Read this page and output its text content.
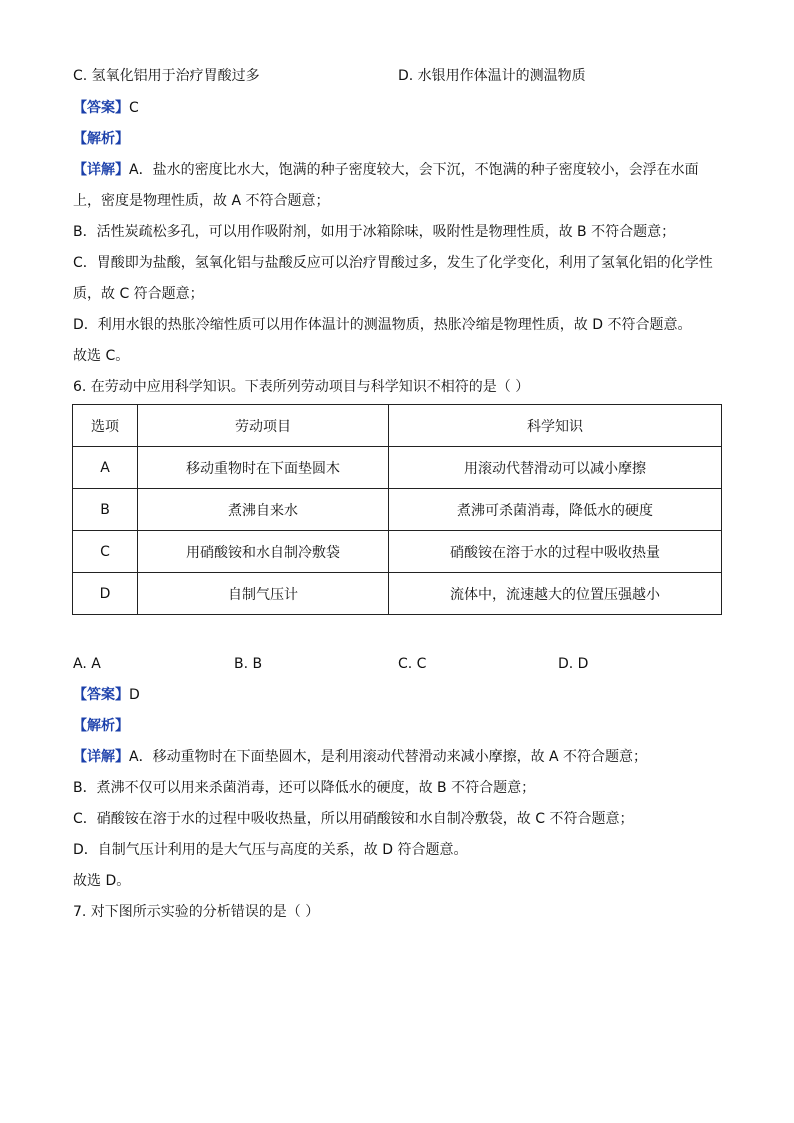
C. 氢氧化铝用于治疗胃酸过多	D. 水银用作体温计的测温物质
【答案】C
【解析】
【详解】A．盐水的密度比水大，饱满的种子密度较大，会下沉，不饱满的种子密度较小，会浮在水面
上，密度是物理性质，故 A 不符合题意；
B．活性炭疏松多孔，可以用作吸附剂，如用于冰箱除味，吸附性是物理性质，故 B 不符合题意；
C．胃酸即为盐酸，氢氧化铝与盐酸反应可以治疗胃酸过多，发生了化学变化，利用了氢氧化铝的化学性
质，故 C 符合题意；
D．利用水银的热胀冷缩性质可以用作体温计的测温物质，热胀冷缩是物理性质，故 D 不符合题意。
故选 C。
6. 在劳动中应用科学知识。下表所列劳动项目与科学知识不相符的是（ ）
选项	劳动项目	科学知识
A	移动重物时在下面垫圆木	用滚动代替滑动可以减小摩擦
B	煮沸自来水	煮沸可杀菌消毒，降低水的硬度
C	用硝酸铵和水自制冷敷袋	硝酸铵在溶于水的过程中吸收热量
D	自制气压计	流体中，流速越大的位置压强越小
A. A	B. B	C. C	D. D
【答案】D
【解析】
【详解】A．移动重物时在下面垫圆木，是利用滚动代替滑动来减小摩擦，故 A 不符合题意；
B．煮沸不仅可以用来杀菌消毒，还可以降低水的硬度，故 B 不符合题意；
C．硝酸铵在溶于水的过程中吸收热量，所以用硝酸铵和水自制冷敷袋，故 C 不符合题意；
D．自制气压计利用的是大气压与高度的关系，故 D 符合题意。
故选 D。
7. 对下图所示实验的分析错误的是（ ）
